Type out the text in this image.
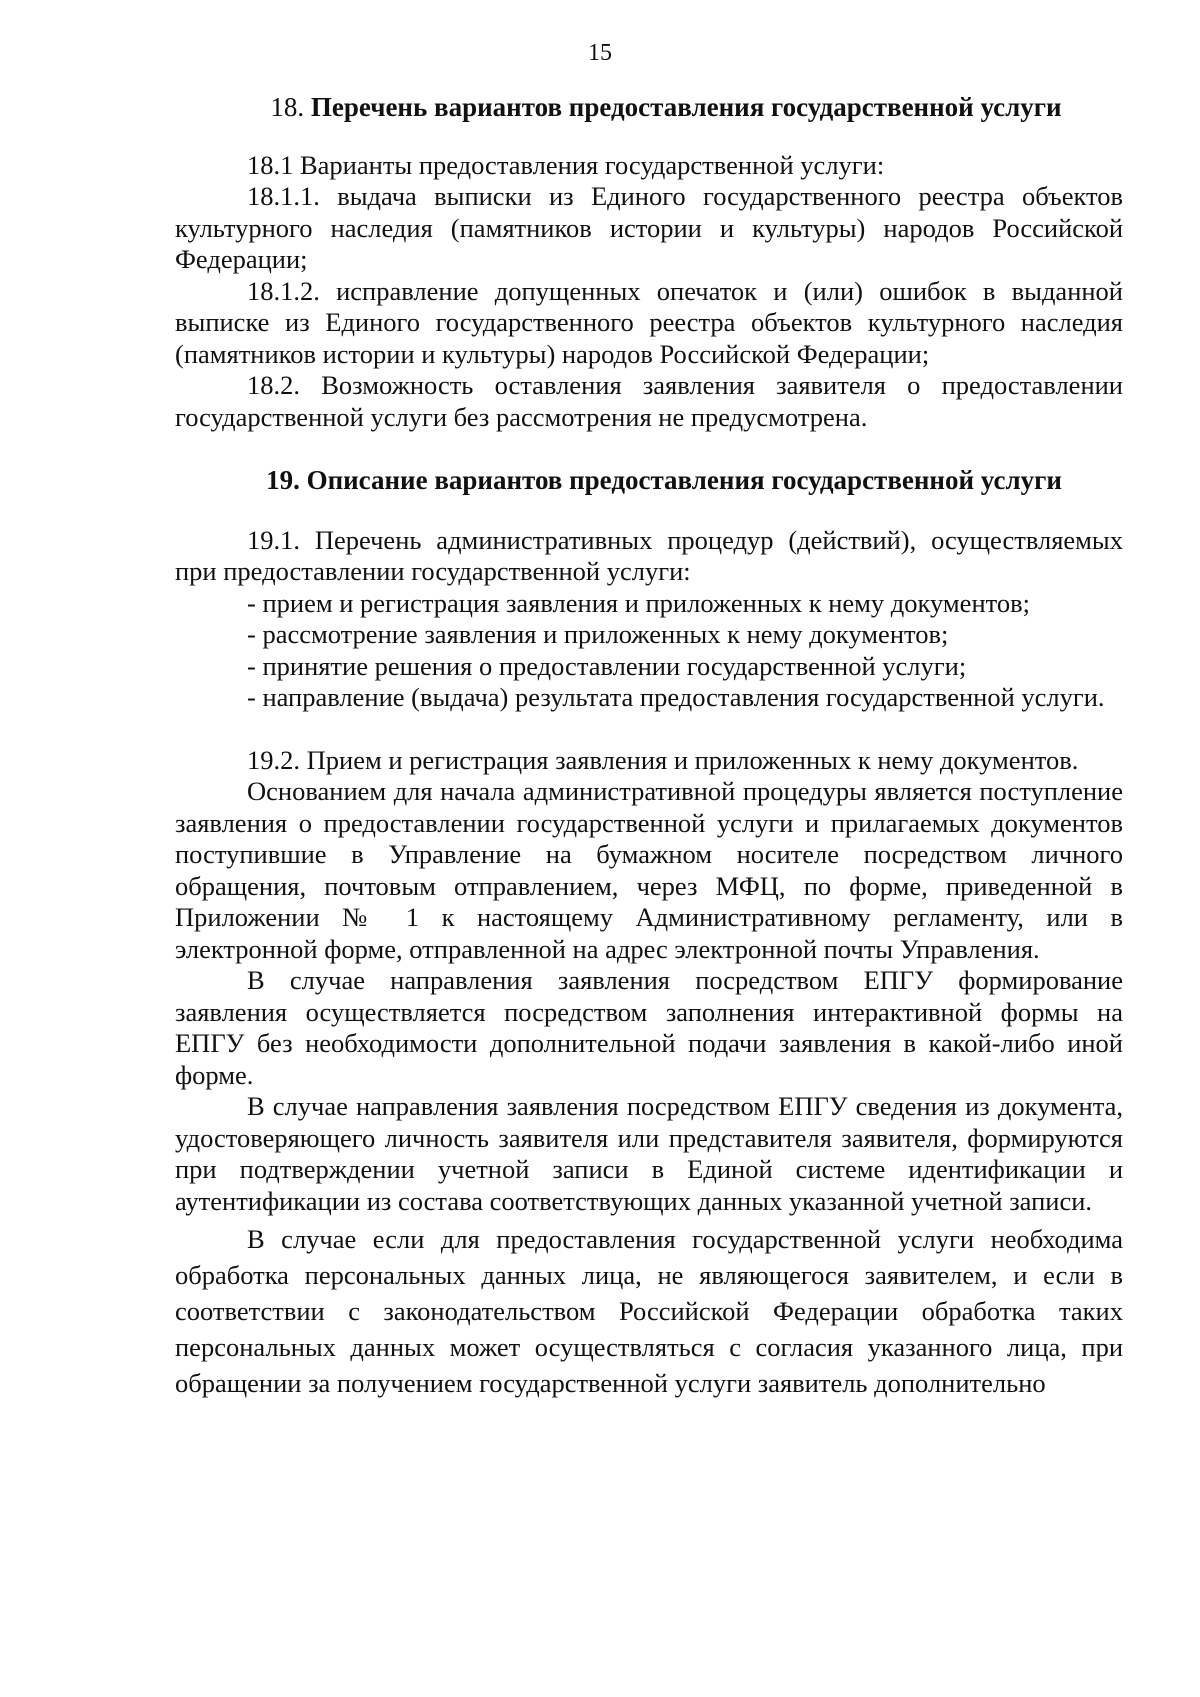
15
18. Перечень вариантов предоставления государственной услуги

18.1 Варианты предоставления государственной услуги:

18.1.1. выдача выписки из Единого государственного реестра объектов культурного наследия (памятников истории и культуры) народов Российской Федерации;

18.1.2. исправление допущенных опечаток и (или) ошибок в выданной выписке из Единого государственного реестра объектов культурного наследия (памятников истории и культуры) народов Российской Федерации;

18.2. Возможность оставления заявления заявителя о предоставлении государственной услуги без рассмотрения не предусмотрена.

19. Описание вариантов предоставления государственной услуги

19.1. Перечень административных процедур (действий), осуществляемых при предоставлении государственной услуги:

- прием и регистрация заявления и приложенных к нему документов;

- рассмотрение заявления и приложенных к нему документов;

- принятие решения о предоставлении государственной услуги;

- направление (выдача) результата предоставления государственной услуги.

19.2. Прием и регистрация заявления и приложенных к нему документов.

Основанием для начала административной процедуры является поступление заявления о предоставлении государственной услуги и прилагаемых документов поступившие в Управление на бумажном носителе посредством личного обращения, почтовым отправлением, через МФЦ, по форме, приведенной в Приложении № 1 к настоящему Административному регламенту, или в электронной форме, отправленной на адрес электронной почты Управления.

В случае направления заявления посредством ЕПГУ формирование заявления осуществляется посредством заполнения интерактивной формы на ЕПГУ без необходимости дополнительной подачи заявления в какой-либо иной форме.

В случае направления заявления посредством ЕПГУ сведения из документа, удостоверяющего личность заявителя или представителя заявителя, формируются при подтверждении учетной записи в Единой системе идентификации и аутентификации из состава соответствующих данных указанной учетной записи.

В случае если для предоставления государственной услуги необходима обработка персональных данных лица, не являющегося заявителем, и если в соответствии с законодательством Российской Федерации обработка таких персональных данных может осуществляться с согласия указанного лица, при обращении за получением государственной услуги заявитель дополнительно
